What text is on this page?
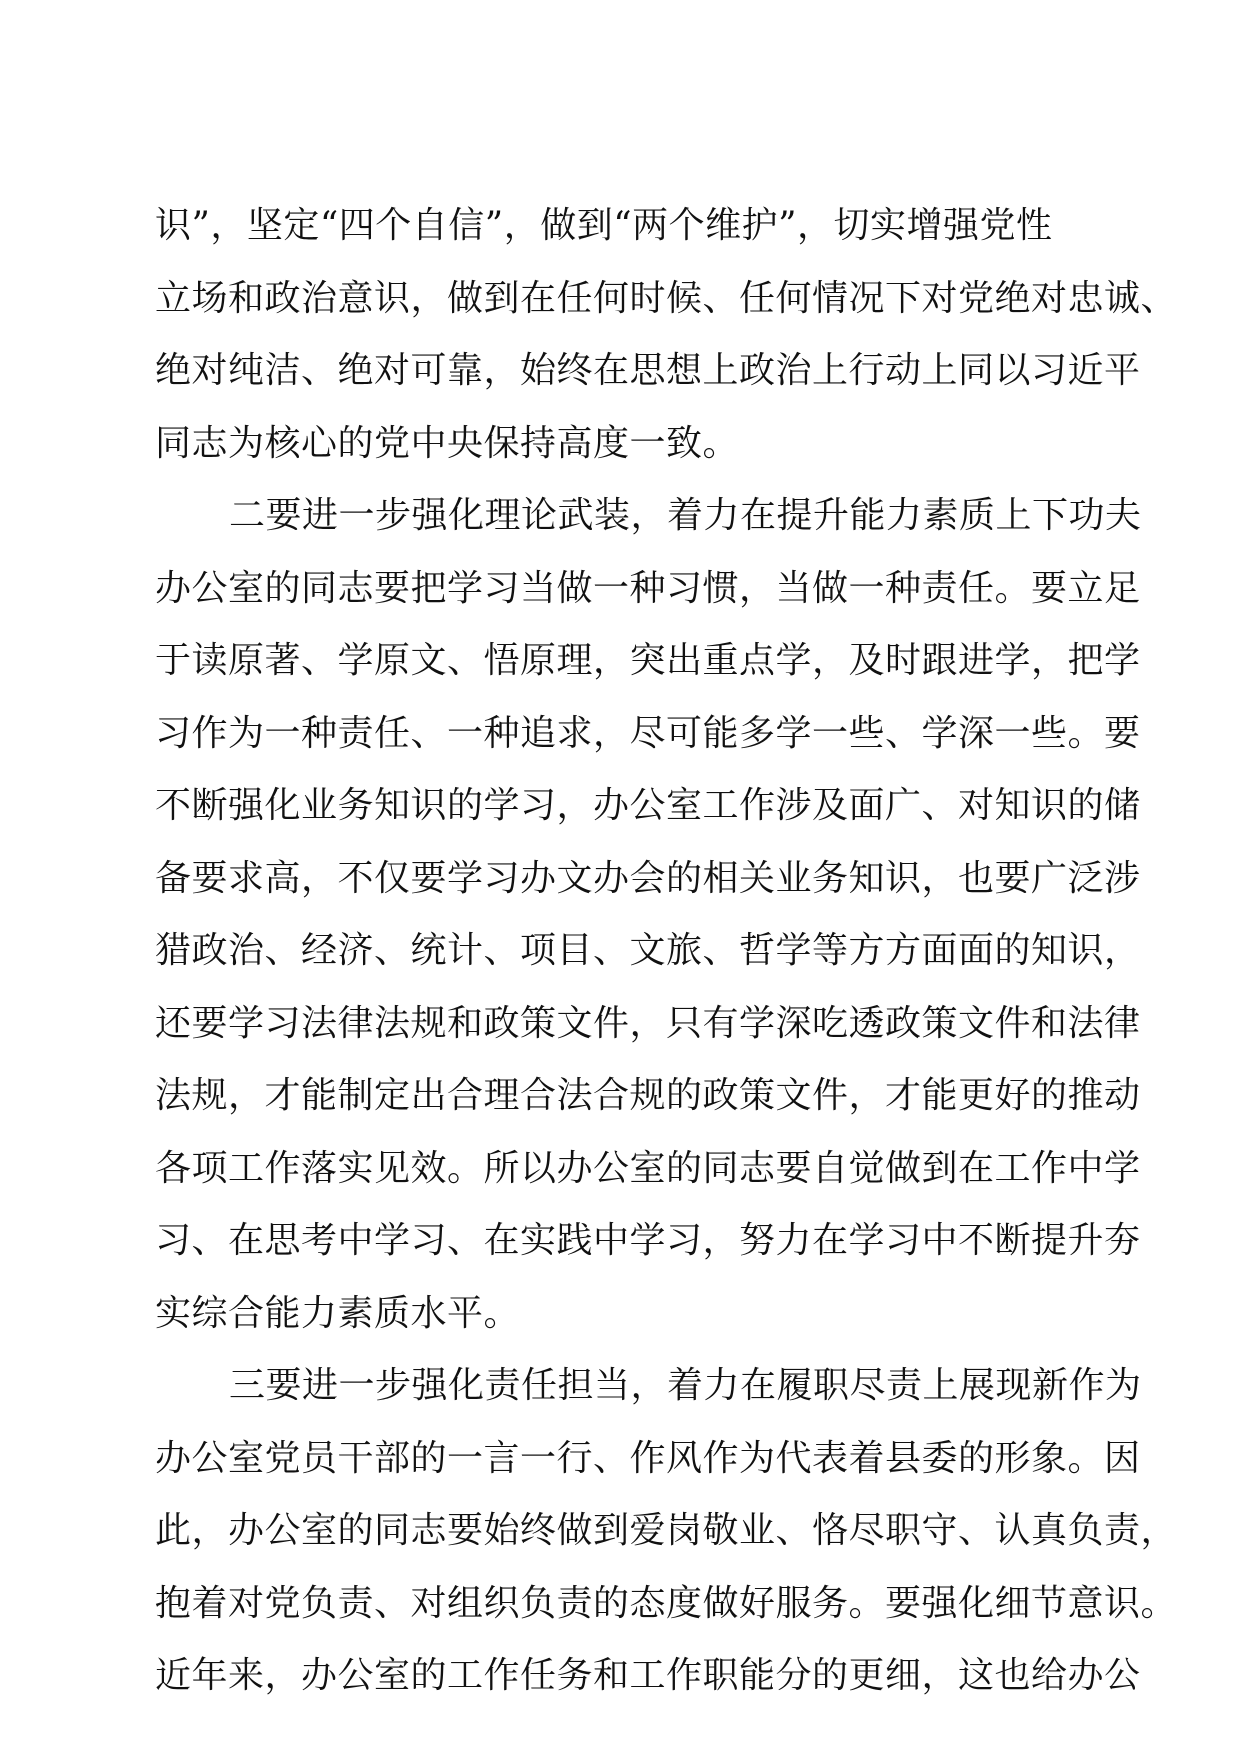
识”，坚定“四个自信”，做到“两个维护”，切实增强党性
立场和政治意识，做到在任何时候、任何情况下对党绝对忠诚、
绝对纯洁、绝对可靠，始终在思想上政治上行动上同以习近平
同志为核心的党中央保持高度一致。
二要进一步强化理论武装，着力在提升能力素质上下功夫
办公室的同志要把学习当做一种习惯，当做一种责任。要立足
于读原著、学原文、悟原理，突出重点学，及时跟进学，把学
习作为一种责任、一种追求，尽可能多学一些、学深一些。要
不断强化业务知识的学习，办公室工作涉及面广、对知识的储
备要求高，不仅要学习办文办会的相关业务知识，也要广泛涉
猎政治、经济、统计、项目、文旅、哲学等方方面面的知识，
还要学习法律法规和政策文件，只有学深吃透政策文件和法律
法规，才能制定出合理合法合规的政策文件，才能更好的推动
各项工作落实见效。所以办公室的同志要自觉做到在工作中学
习、在思考中学习、在实践中学习，努力在学习中不断提升夯
实综合能力素质水平。
三要进一步强化责任担当，着力在履职尽责上展现新作为
办公室党员干部的一言一行、作风作为代表着县委的形象。因
此，办公室的同志要始终做到爱岗敬业、恪尽职守、认真负责，
抱着对党负责、对组织负责的态度做好服务。要强化细节意识。
近年来，办公室的工作任务和工作职能分的更细，这也给办公
